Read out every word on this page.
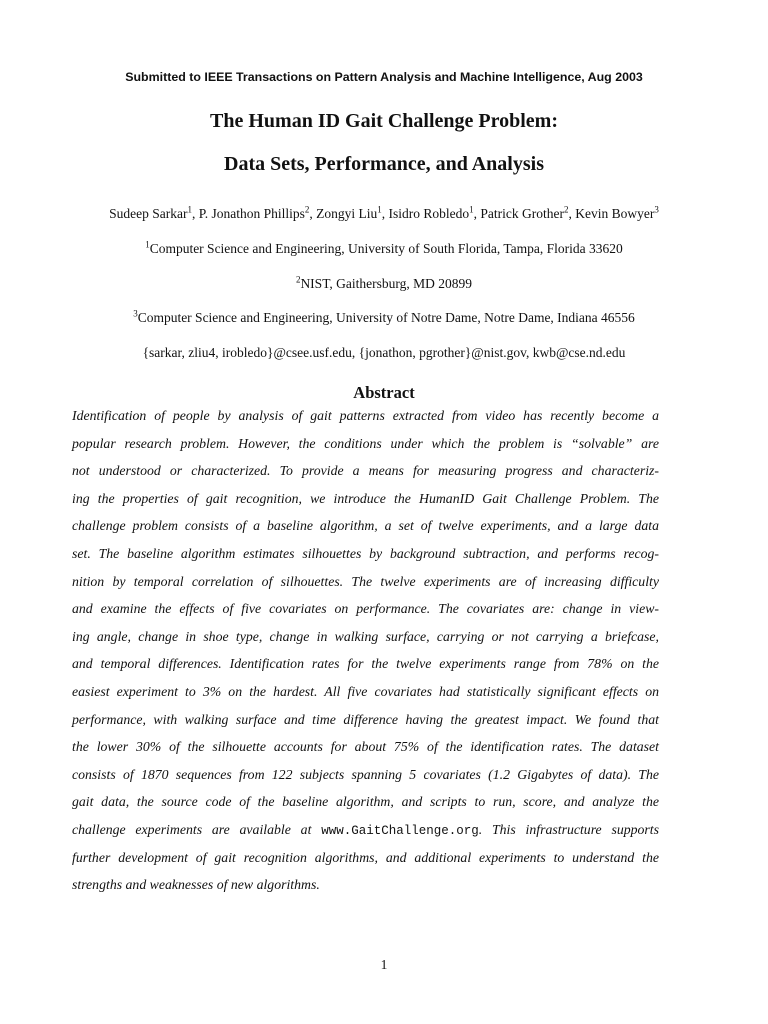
Submitted to IEEE Transactions on Pattern Analysis and Machine Intelligence, Aug 2003
The Human ID Gait Challenge Problem:
Data Sets, Performance, and Analysis
Sudeep Sarkar$^1$, P. Jonathon Phillips$^2$, Zongyi Liu$^1$, Isidro Robledo$^1$, Patrick Grother$^2$, Kevin Bowyer$^3$
$^1$Computer Science and Engineering, University of South Florida, Tampa, Florida 33620
$^2$NIST, Gaithersburg, MD 20899
$^3$Computer Science and Engineering, University of Notre Dame, Notre Dame, Indiana 46556
{sarkar, zliu4, irobledo}@csee.usf.edu, {jonathon, pgrother}@nist.gov, kwb@cse.nd.edu
Abstract
Identification of people by analysis of gait patterns extracted from video has recently become a
popular research problem. However, the conditions under which the problem is “solvable” are
not understood or characterized. To provide a means for measuring progress and characteriz-
ing the properties of gait recognition, we introduce the HumanID Gait Challenge Problem. The
challenge problem consists of a baseline algorithm, a set of twelve experiments, and a large data
set. The baseline algorithm estimates silhouettes by background subtraction, and performs recog-
nition by temporal correlation of silhouettes. The twelve experiments are of increasing difficulty
and examine the effects of five covariates on performance. The covariates are: change in view-
ing angle, change in shoe type, change in walking surface, carrying or not carrying a briefcase,
and temporal differences. Identification rates for the twelve experiments range from 78% on the
easiest experiment to 3% on the hardest. All five covariates had statistically significant effects on
performance, with walking surface and time difference having the greatest impact. We found that
the lower 30% of the silhouette accounts for about 75% of the identification rates. The dataset
consists of 1870 sequences from 122 subjects spanning 5 covariates (1.2 Gigabytes of data). The
gait data, the source code of the baseline algorithm, and scripts to run, score, and analyze the
challenge experiments are available at www.GaitChallenge.org. This infrastructure supports
further development of gait recognition algorithms, and additional experiments to understand the
strengths and weaknesses of new algorithms.
1
